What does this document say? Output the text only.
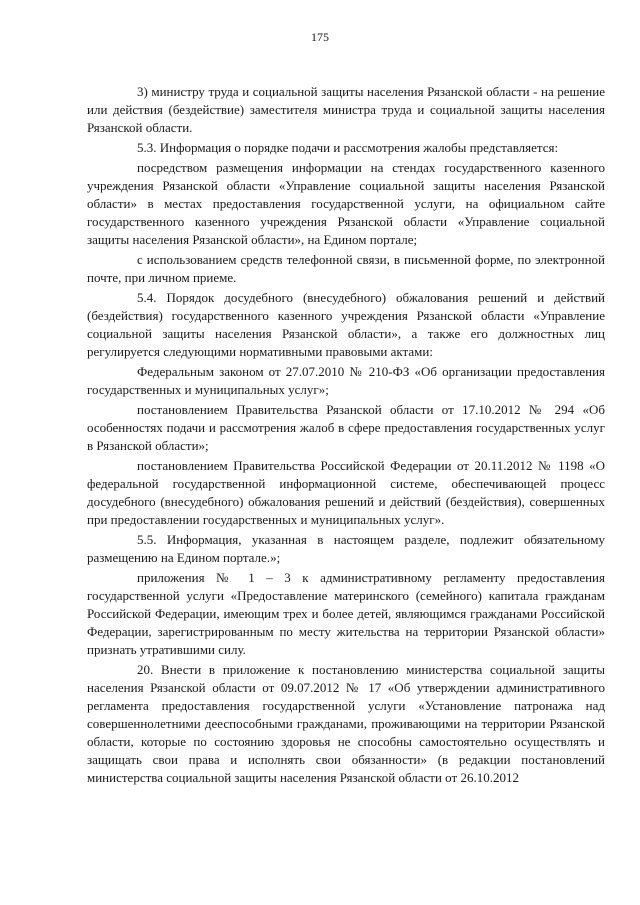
175

3) министру труда и социальной защиты населения Рязанской области - на решение или действия (бездействие) заместителя министра труда и социальной защиты населения Рязанской области.

5.3. Информация о порядке подачи и рассмотрения жалобы представляется:

посредством размещения информации на стендах государственного казенного учреждения Рязанской области «Управление социальной защиты населения Рязанской области» в местах предоставления государственной услуги, на официальном сайте государственного казенного учреждения Рязанской области «Управление социальной защиты населения Рязанской области», на Едином портале;

с использованием средств телефонной связи, в письменной форме, по электронной почте, при личном приеме.

5.4. Порядок досудебного (внесудебного) обжалования решений и действий (бездействия) государственного казенного учреждения Рязанской области «Управление социальной защиты населения Рязанской области», а также его должностных лиц регулируется следующими нормативными правовыми актами:

Федеральным законом от 27.07.2010 № 210-ФЗ «Об организации предоставления государственных и муниципальных услуг»;

постановлением Правительства Рязанской области от 17.10.2012 № 294 «Об особенностях подачи и рассмотрения жалоб в сфере предоставления государственных услуг в Рязанской области»;

постановлением Правительства Российской Федерации от 20.11.2012 № 1198 «О федеральной государственной информационной системе, обеспечивающей процесс досудебного (внесудебного) обжалования решений и действий (бездействия), совершенных при предоставлении государственных и муниципальных услуг».

5.5. Информация, указанная в настоящем разделе, подлежит обязательному размещению на Едином портале.»;

приложения № 1 – 3 к административному регламенту предоставления государственной услуги «Предоставление материнского (семейного) капитала гражданам Российской Федерации, имеющим трех и более детей, являющимся гражданами Российской Федерации, зарегистрированным по месту жительства на территории Рязанской области» признать утратившими силу.

20. Внести в приложение к постановлению министерства социальной защиты населения Рязанской области от 09.07.2012 № 17 «Об утверждении административного регламента предоставления государственной услуги «Установление патронажа над совершеннолетними дееспособными гражданами, проживающими на территории Рязанской области, которые по состоянию здоровья не способны самостоятельно осуществлять и защищать свои права и исполнять свои обязанности» (в редакции постановлений министерства социальной защиты населения Рязанской области от 26.10.2012
